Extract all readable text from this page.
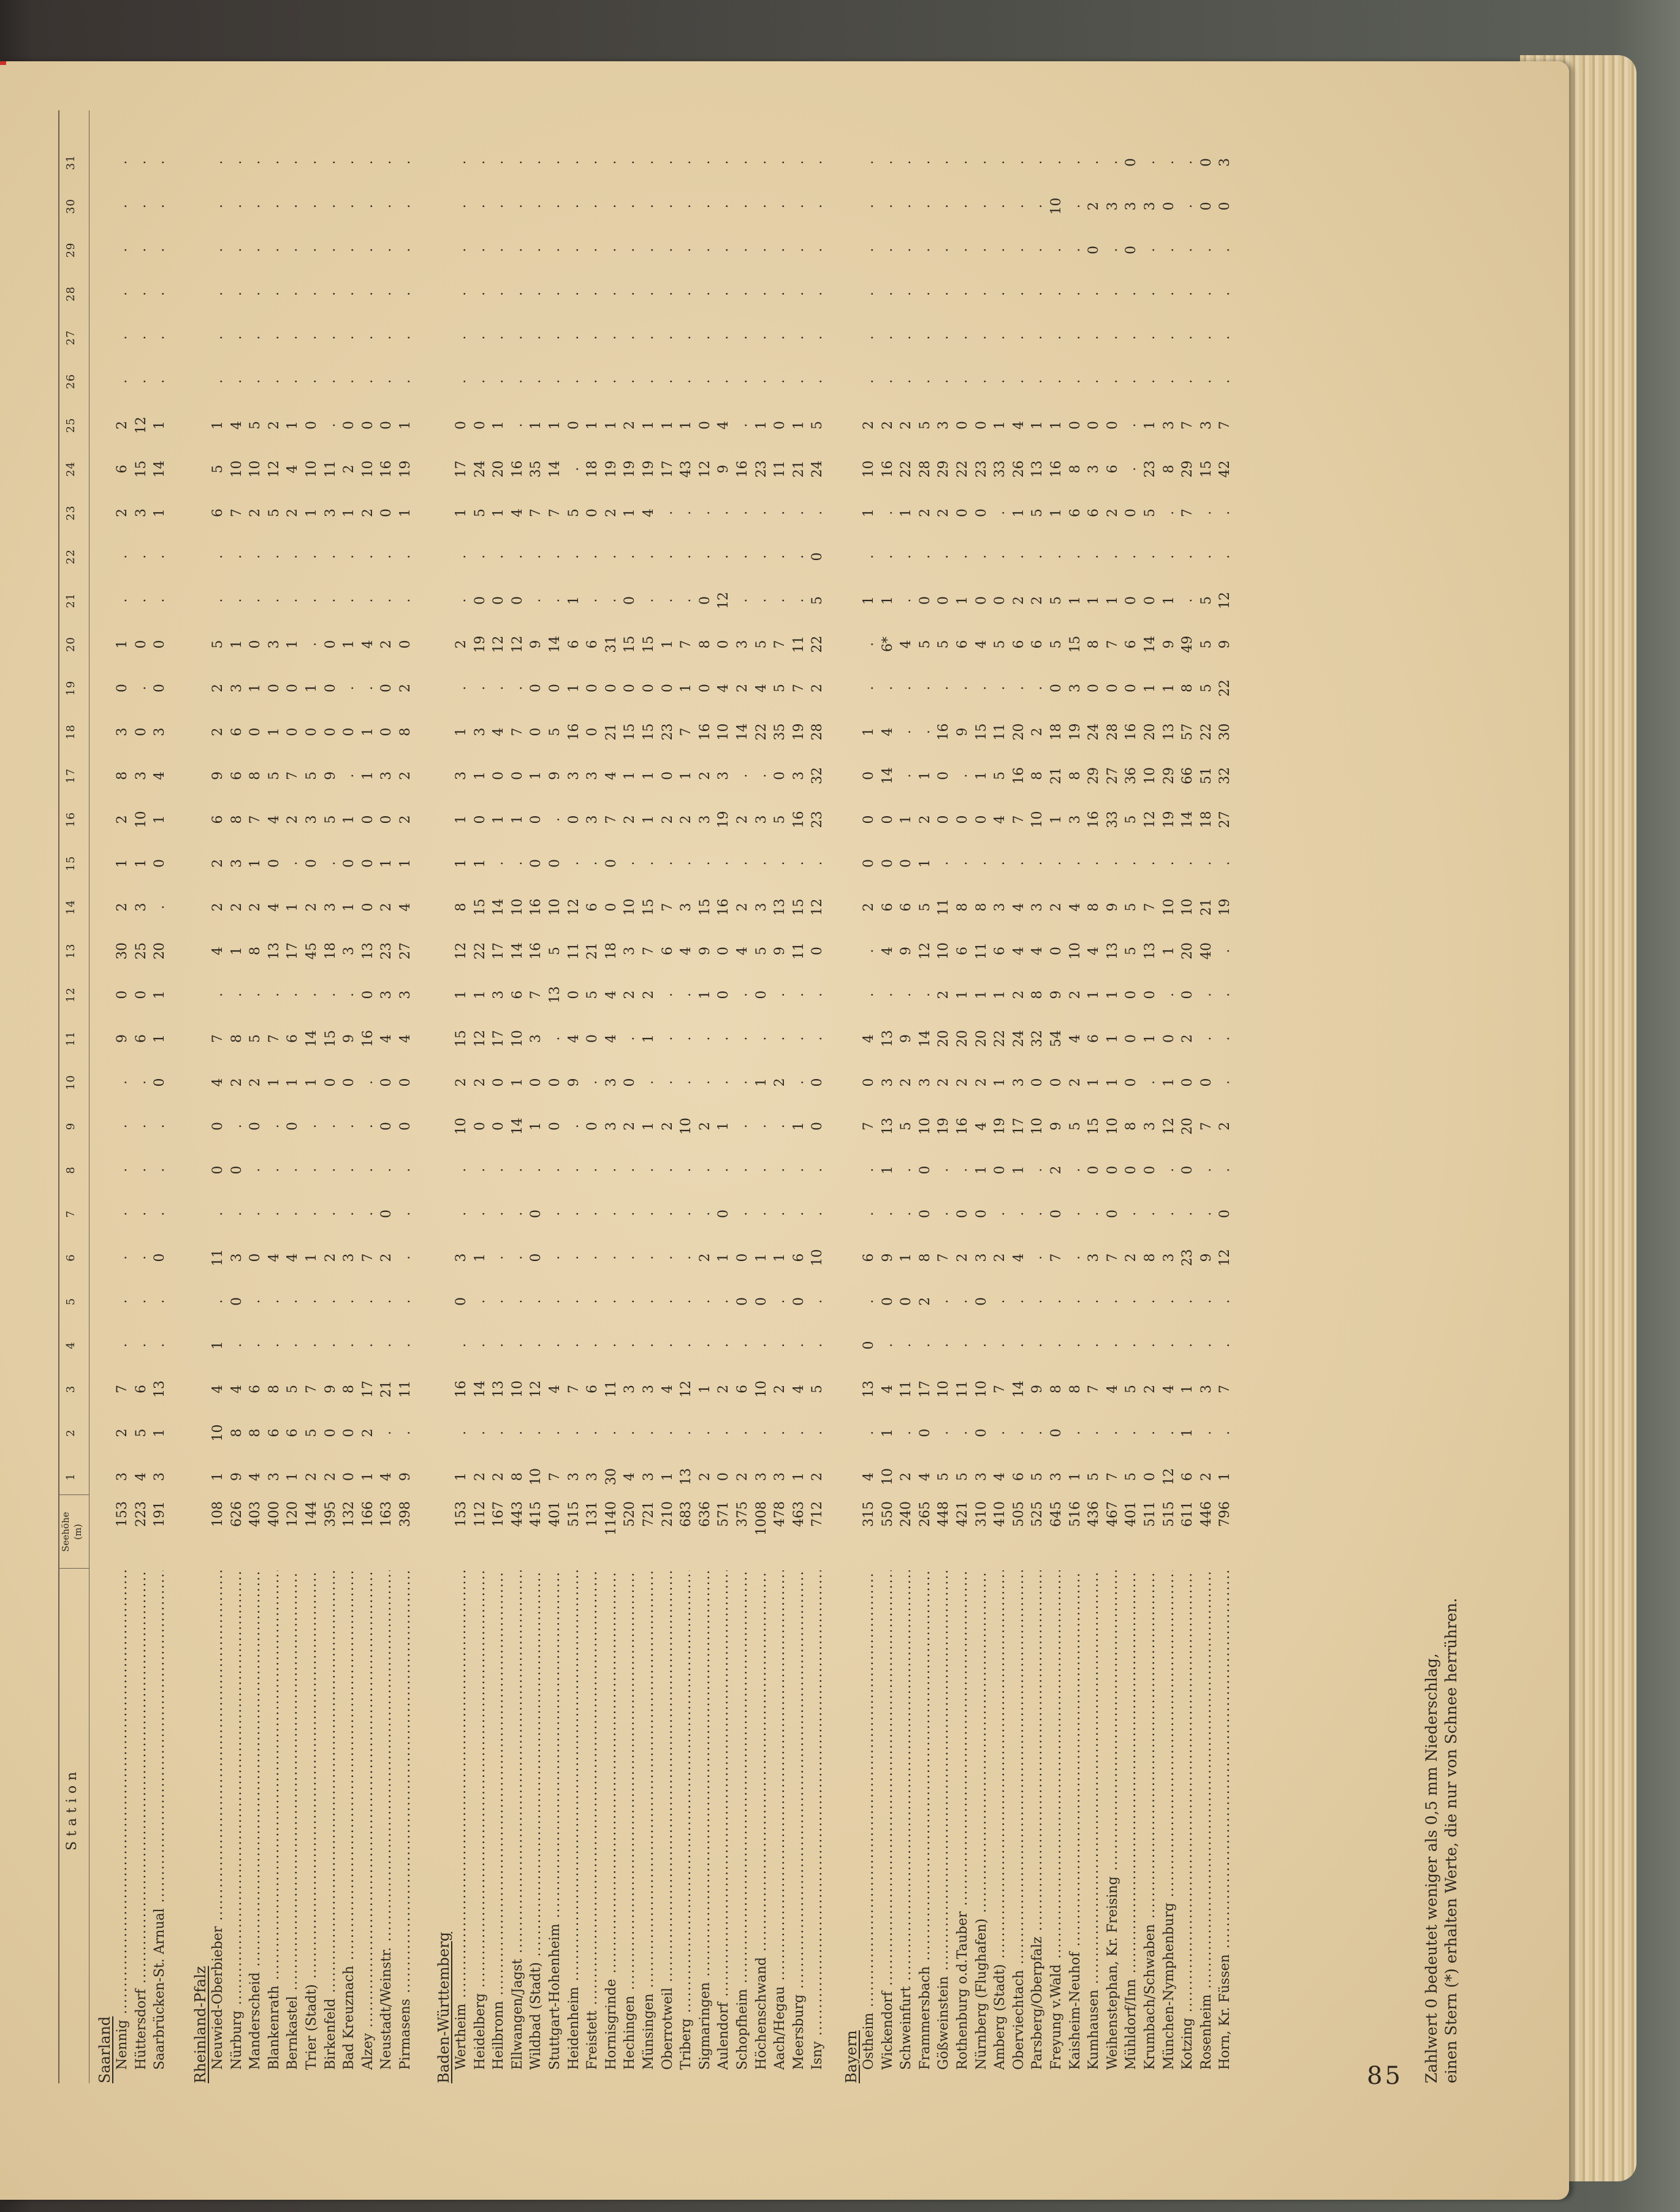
Station
Seehöhe (m)
1
2
3
4
5
6
7
8
9
10
11
12
13
14
15
16
17
18
19
20
21
22
23
24
25
26
27
28
29
30
31
Saarland Nennig .....
153
3
2
7
.
.
.
.
.
.
.
9
0
30
2
1
2
8
3
0
1
.
.
2
6
2
.
.
.
.
.
.
Hüttersdorf .....
223
4
5
6
.
.
.
.
.
.
.
6
0
25
3
1
10
3
0
.
0
.
.
3
15
12
.
.
.
.
.
.
Saarbrücken-St. Arnual .....
191
3
1
13
.
.
0
.
.
.
0
1
1
20
.
0
1
4
3
0
0
.
.
1
14
1
.
.
.
.
.
.
Rheinland-Pfalz Neuwied-Oberbieber .....
108
1
10
4
1
.
11
.
0
0
4
7
.
4
2
2
6
9
2
2
5
.
.
6
5
1
.
.
.
.
.
.
Nürburg .....
626
9
8
4
.
0
3
.
0
.
2
8
.
1
2
3
8
6
6
3
1
.
.
7
10
4
.
.
.
.
.
.
Manderscheid .....
403
4
8
6
.
.
0
.
.
0
2
5
.
8
2
1
7
8
0
1
0
.
.
2
10
5
.
.
.
.
.
.
Blankenrath .....
400
3
6
8
.
.
4
.
.
.
1
7
.
13
4
0
4
5
1
0
3
.
.
5
12
2
.
.
.
.
.
.
Bernkastel .....
120
1
6
5
.
.
4
.
.
0
1
6
.
17
1
.
2
7
0
0
1
.
.
2
4
1
.
.
.
.
.
.
Trier (Stadt) .....
144
2
5
7
.
.
1
.
.
.
1
14
.
45
2
0
3
5
0
1
.
.
.
1
10
0
.
.
.
.
.
.
Birkenfeld .....
395
2
0
9
.
.
2
.
.
.
0
15
.
18
3
.
5
9
0
0
0
.
.
3
11
.
.
.
.
.
.
.
Bad Kreuznach .....
132
0
0
8
.
.
3
.
.
.
0
9
.
3
1
0
1
.
0
.
1
.
.
1
2
0
.
.
.
.
.
.
Alzey .....
166
1
2
17
.
.
7
.
.
.
.
16
0
13
0
0
0
1
1
.
4
.
.
2
10
0
.
.
.
.
.
.
Neustadt/Weinstr. .....
163
4
.
21
.
.
2
0
.
0
0
4
3
23
2
1
0
3
0
0
2
.
.
0
16
0
.
.
.
.
.
.
Pirmasens .....
398
9
.
11
.
.
.
.
.
0
0
4
3
27
4
1
2
2
8
2
0
.
.
1
19
1
.
.
.
.
.
.
Baden-Württemberg Wertheim .....
153
1
.
16
.
0
3
.
.
10
2
15
1
12
8
1
1
3
1
.
2
.
.
1
17
0
.
.
.
.
.
.
Heidelberg .....
112
2
.
14
.
.
1
.
.
0
2
12
1
22
15
1
0
1
3
.
19
0
.
5
24
0
.
.
.
.
.
.
Heilbronn .....
167
2
.
13
.
.
.
.
.
0
0
17
3
17
14
.
1
0
4
.
12
0
.
1
20
1
.
.
.
.
.
.
Ellwangen/Jagst .....
443
8
.
10
.
.
.
.
.
14
1
10
6
14
10
.
1
0
7
.
12
0
.
4
16
.
.
.
.
.
.
.
Wildbad (Stadt) .....
415
10
.
12
.
.
0
0
.
1
0
3
7
16
16
0
0
1
0
0
9
.
.
7
35
1
.
.
.
.
.
.
Stuttgart-Hohenheim .....
401
7
.
4
.
.
.
.
.
0
0
.
13
5
10
0
.
9
5
0
14
.
.
7
14
1
.
.
.
.
.
.
Heidenheim .....
515
3
.
7
.
.
.
.
.
.
9
4
0
11
12
.
0
3
16
1
6
1
.
5
.
0
.
.
.
.
.
.
Freistett .....
131
3
.
6
.
.
.
.
.
0
.
0
5
21
6
.
3
3
0
0
6
.
.
0
18
1
.
.
.
.
.
.
Hornisgrinde .....
1140
30
.
11
.
.
.
.
.
3
3
4
4
18
0
0
7
4
21
0
31
.
.
2
19
1
.
.
.
.
.
.
Hechingen .....
520
4
.
3
.
.
.
.
.
2
0
.
2
3
10
.
2
1
15
0
15
0
.
1
19
2
.
.
.
.
.
.
Münsingen .....
721
3
.
3
.
.
.
.
.
1
.
1
2
7
15
.
1
1
15
0
15
.
.
4
19
1
.
.
.
.
.
.
Oberrotweil .....
210
1
.
4
.
.
.
.
.
2
.
.
.
6
7
.
2
0
23
0
1
.
.
.
17
1
.
.
.
.
.
.
Triberg .....
683
13
.
12
.
.
.
.
.
10
.
.
.
4
3
.
2
1
7
1
7
.
.
.
43
1
.
.
.
.
.
.
Sigmaringen .....
636
2
.
1
.
.
2
.
.
2
.
.
1
9
15
.
3
2
16
0
8
0
.
.
12
0
.
.
.
.
.
.
Aulendorf .....
571
0
.
2
.
.
1
0
.
1
.
.
0
0
16
.
19
3
10
4
0
12
.
.
9
4
.
.
.
.
.
.
Schopfheim .....
375
2
.
6
.
0
0
.
.
.
.
.
.
4
2
.
2
.
14
2
3
.
.
.
16
.
.
.
.
.
.
.
Höchenschwand .....
1008
3
.
10
.
0
1
.
.
.
1
.
0
5
3
.
3
.
22
4
5
.
.
.
23
1
.
.
.
.
.
.
Aach/Hegau .....
478
3
.
2
.
.
1
.
.
.
2
.
.
9
13
.
5
0
35
5
7
.
.
.
11
0
.
.
.
.
.
.
Meersburg .....
463
1
.
4
.
0
6
.
.
1
.
.
.
11
15
.
16
3
19
7
11
.
.
.
21
1
.
.
.
.
.
.
Isny .....
712
2
.
5
.
.
10
.
.
0
0
.
.
0
12
.
23
32
28
2
22
5
0
.
24
5
.
.
.
.
.
.
Bayern Ostheim .....
315
4
.
13
0
.
6
.
.
7
0
4
.
.
2
0
0
0
1
.
.
1
.
1
10
2
.
.
.
.
.
.
Wickendorf .....
550
10
1
4
.
0
9
.
1
13
3
13
.
4
6
0
0
14
4
.
6*
1
.
.
16
2
.
.
.
.
.
.
Schweinfurt .....
240
2
.
11
.
0
1
.
.
5
2
9
.
9
6
0
1
.
.
.
4
.
.
1
22
2
.
.
.
.
.
.
Frammersbach .....
265
4
0
17
.
2
8
0
0
10
3
14
.
12
5
1
2
1
.
.
5
0
.
2
28
5
.
.
.
.
.
.
Gößweinstein .....
448
5
.
10
.
.
7
.
.
19
2
20
2
10
11
.
0
0
16
.
5
0
.
2
29
3
.
.
.
.
.
.
Rothenburg o.d.Tauber .....
421
5
.
11
.
.
2
0
.
16
2
20
1
6
8
.
0
.
9
.
6
1
.
0
22
0
.
.
.
.
.
.
Nürnberg (Flughafen) .....
310
3
0
10
.
0
3
0
1
4
2
20
1
11
8
.
0
1
15
.
4
0
.
0
23
0
.
.
.
.
.
.
Amberg (Stadt) .....
410
4
.
7
.
.
2
.
0
19
1
22
1
6
3
.
4
5
11
.
5
0
.
.
33
1
.
.
.
.
.
.
Oberviechtach .....
505
6
.
14
.
.
4
.
1
17
3
24
2
4
4
.
7
16
20
.
6
2
.
1
26
4
.
.
.
.
.
.
Parsberg/Oberpfalz .....
525
5
.
9
.
.
.
.
.
10
0
32
8
4
3
.
10
8
2
.
6
2
.
5
13
1
.
.
.
.
.
.
Freyung v.Wald .....
645
3
0
8
.
.
7
0
2
9
0
54
9
0
2
.
1
21
18
0
5
5
.
1
16
1
.
.
.
.
10
.
Kaisheim-Neuhof .....
516
1
.
8
.
.
.
.
.
5
2
4
2
10
4
.
3
8
19
3
15
1
.
6
8
0
.
.
.
.
.
.
Kumhausen .....
436
5
.
7
.
.
3
.
0
15
1
6
1
4
8
.
16
29
24
0
8
1
.
6
3
0
.
.
.
0
2
.
Weihenstephan, Kr. Freising .....
467
7
.
4
.
.
7
0
0
10
1
1
1
13
9
.
33
27
28
0
7
1
.
2
6
0
.
.
.
.
3
.
Mühldorf/Inn .....
401
5
.
5
.
.
2
.
0
8
0
0
0
5
5
.
5
36
16
0
6
0
.
0
.
.
.
.
.
0
3
0
Krumbach/Schwaben .....
511
0
.
2
.
.
8
.
0
3
.
1
0
13
7
.
12
10
20
1
14
0
.
5
23
1
.
.
.
.
3
.
München-Nymphenburg .....
515
12
.
4
.
.
3
.
.
12
1
0
.
1
10
.
19
29
13
1
9
1
.
.
8
3
.
.
.
.
0
.
Kotzing .....
611
6
1
1
.
.
23
.
0
20
0
2
0
20
10
.
14
66
57
8
49
.
.
7
29
7
.
.
.
.
.
.
Rosenheim .....
446
2
.
3
.
.
9
.
.
7
0
.
.
40
21
.
18
51
22
5
5
5
.
.
15
3
.
.
.
.
0
0
Horn, Kr. Füssen .....
796
1
.
7
.
.
12
0
.
2
.
.
.
.
19
.
27
32
30
22
9
12
.
.
42
7
.
.
.
.
0
3
Zahlwert 0 bedeutet weniger als 0,5 mm Niederschlag, einen Stern (*) erhalten Werte, die nur von Schnee herrühren.
85
